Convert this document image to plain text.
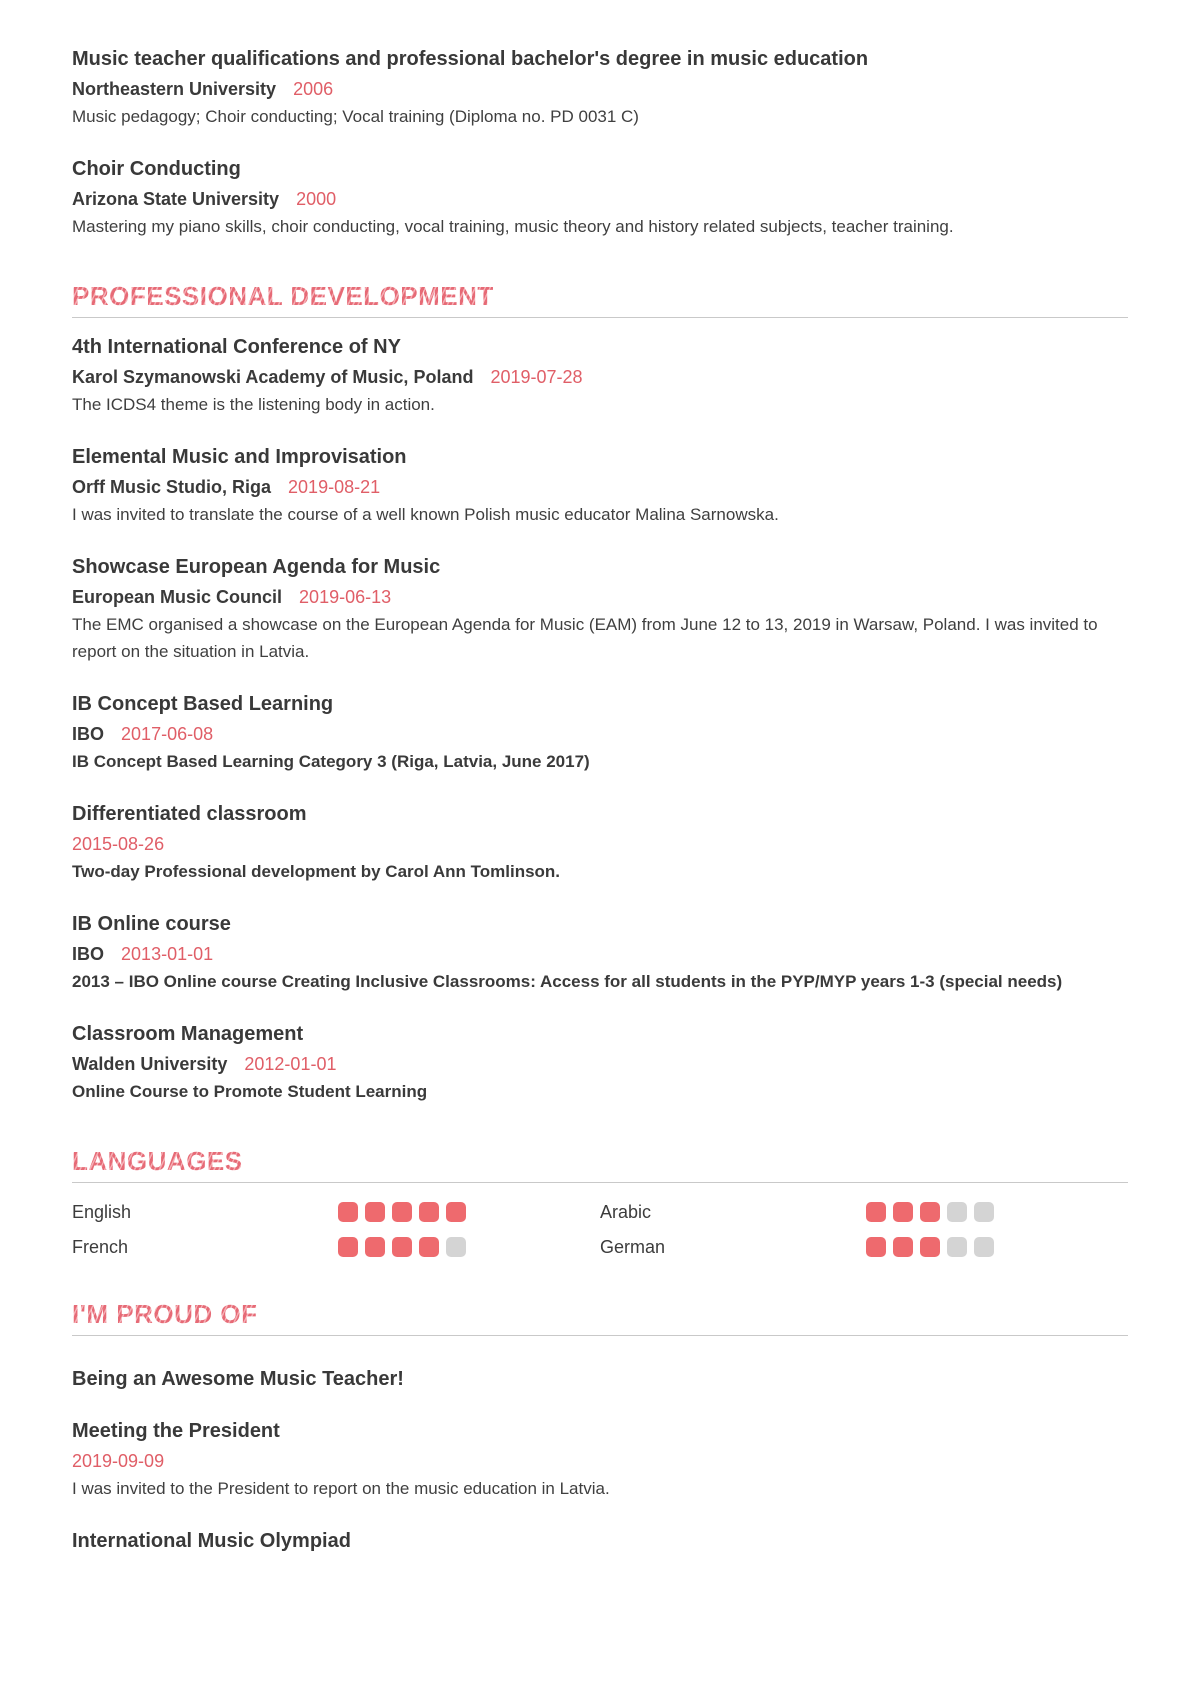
Music teacher qualifications and professional bachelor's degree in music education

Northeastern University 2006

Music pedagogy; Choir conducting; Vocal training (Diploma no. PD 0031 C)

Choir Conducting

Arizona State University 2000

Mastering my piano skills, choir conducting, vocal training, music theory and history related subjects, teacher training.

PROFESSIONAL DEVELOPMENT
4th International Conference of NY

Karol Szymanowski Academy of Music, Poland 2019-07-28

The ICDS4 theme is the listening body in action.

Elemental Music and Improvisation

Orff Music Studio, Riga 2019-08-21

I was invited to translate the course of a well known Polish music educator Malina Sarnowska.

Showcase European Agenda for Music

European Music Council 2019-06-13

The EMC organised a showcase on the European Agenda for Music (EAM) from June 12 to 13, 2019 in Warsaw, Poland. I was invited to report on the situation in Latvia.

IB Concept Based Learning

IBO 2017-06-08

IB Concept Based Learning Category 3 (Riga, Latvia, June 2017)

Differentiated classroom

2015-08-26

Two-day Professional development by Carol Ann Tomlinson.

IB Online course

IBO 2013-01-01

2013 – IBO Online course Creating Inclusive Classrooms: Access for all students in the PYP/MYP years 1-3 (special needs)

Classroom Management

Walden University 2012-01-01

Online Course to Promote Student Learning

LANGUAGES
English	Arabic
French	German
I'M PROUD OF
Being an Awesome Music Teacher!
Meeting the President

2019-09-09

I was invited to the President to report on the music education in Latvia.

International Music Olympiad
